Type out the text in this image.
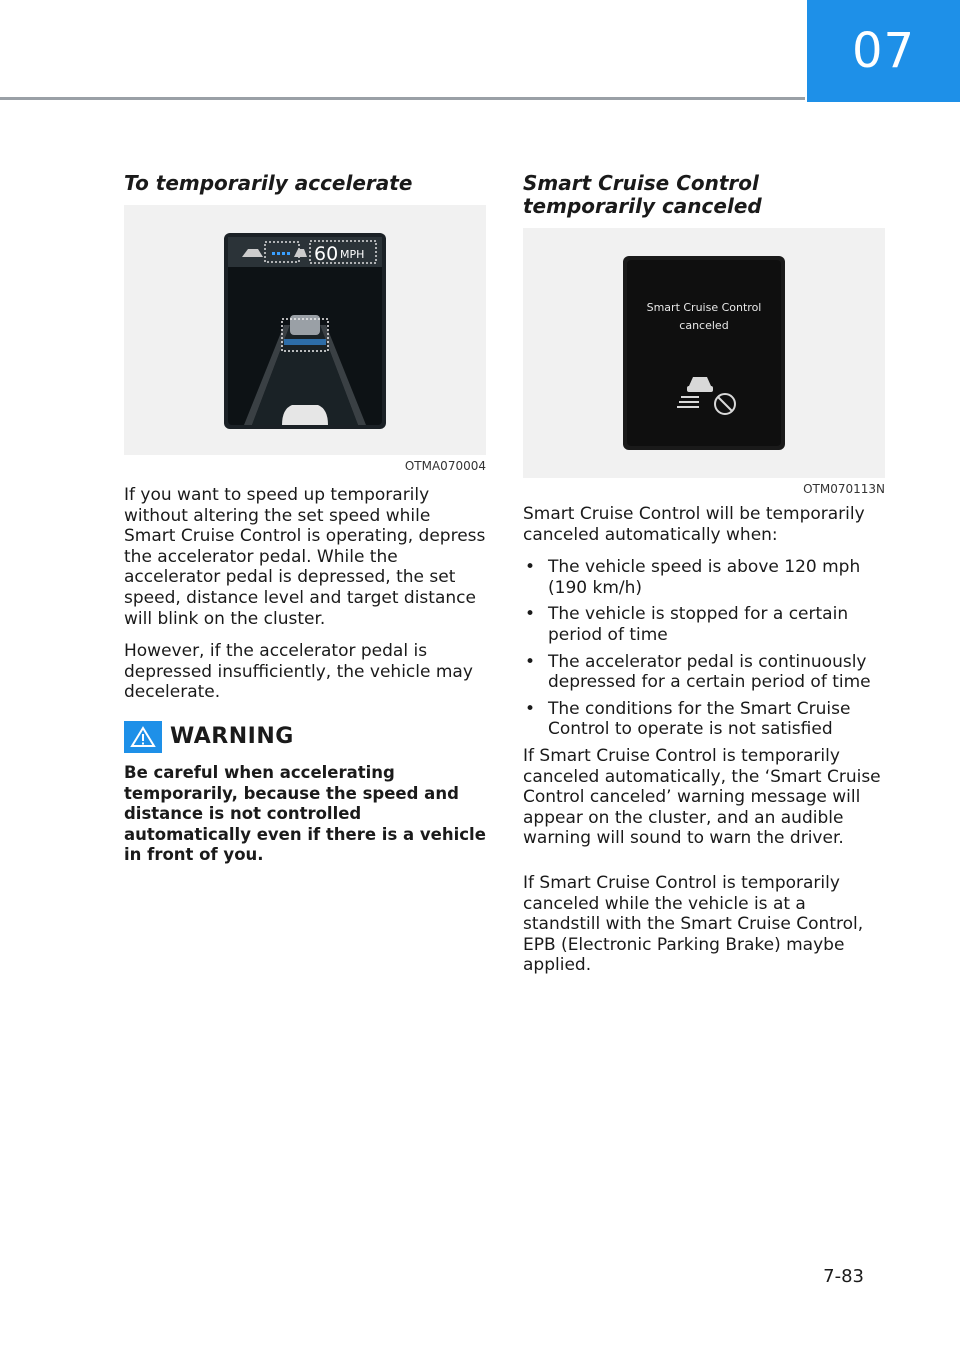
07
To temporarily accelerate
60 MPH
OTMA070004

If you want to speed up temporarily without altering the set speed while Smart Cruise Control is operating, depress the accelerator pedal. While the accelerator pedal is depressed, the set speed, distance level and target distance will blink on the cluster.

However, if the accelerator pedal is depressed insufficiently, the vehicle may decelerate.

WARNING
Be careful when accelerating temporarily, because the speed and distance is not controlled automatically even if there is a vehicle in front of you.
Smart Cruise Control temporarily canceled
Smart Cruise Control
canceled
OTM070113N

Smart Cruise Control will be temporarily canceled automatically when:

• The vehicle speed is above 120 mph (190 km/h)
• The vehicle is stopped for a certain period of time
• The accelerator pedal is continuously depressed for a certain period of time
• The conditions for the Smart Cruise Control to operate is not satisfied

If Smart Cruise Control is temporarily canceled automatically, the ‘Smart Cruise Control canceled’ warning message will appear on the cluster, and an audible warning will sound to warn the driver.

If Smart Cruise Control is temporarily canceled while the vehicle is at a standstill with the Smart Cruise Control, EPB (Electronic Parking Brake) maybe applied.

7-83
